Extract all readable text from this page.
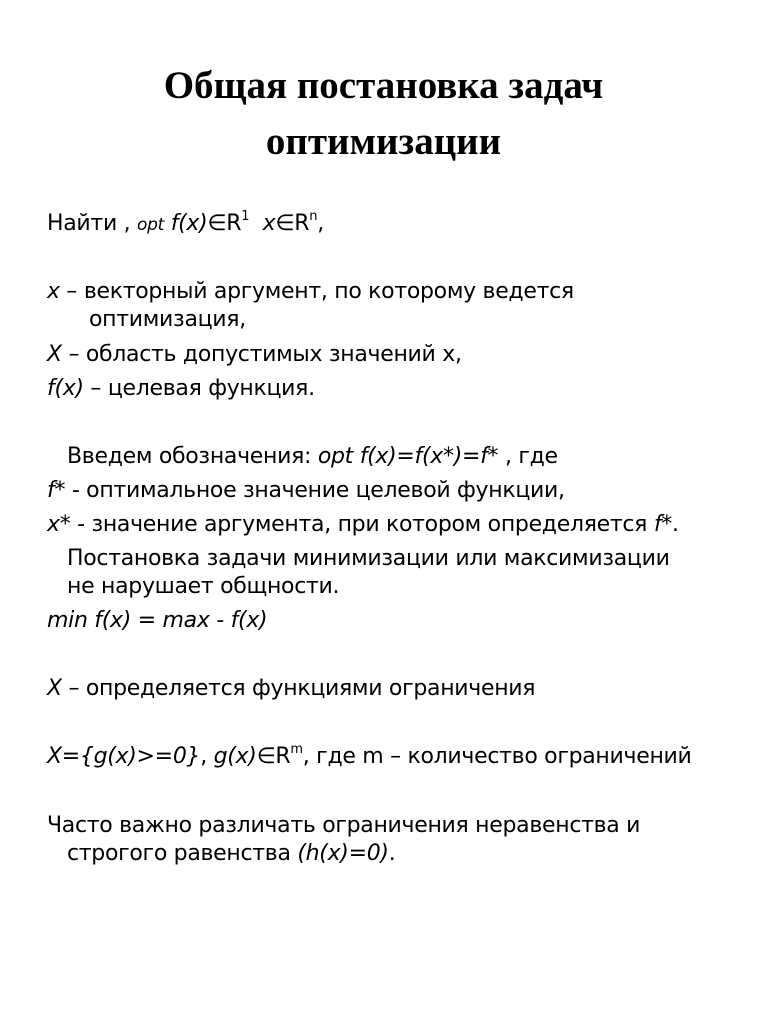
Общая постановка задач
оптимизации
Найти , opt $f(x)\in R^1$ $x\in R^n$,
x – векторный аргумент, по которому ведется
оптимизация,
X – область допустимых значений х,
f(x) – целевая функция.
Введем обозначения: opt f(x)=f(x*)=f* , где
f* - оптимальное значение целевой функции,
x* - значение аргумента, при котором определяется f*.
Постановка задачи минимизации или максимизации
не нарушает общности.
min f(x) = max - f(x)
X – определяется функциями ограничения
X={g(x)>=0}, $g(x)\in R^m$, где m – количество ограничений
Часто важно различать ограничения неравенства и
строгого равенства (h(x)=0).
